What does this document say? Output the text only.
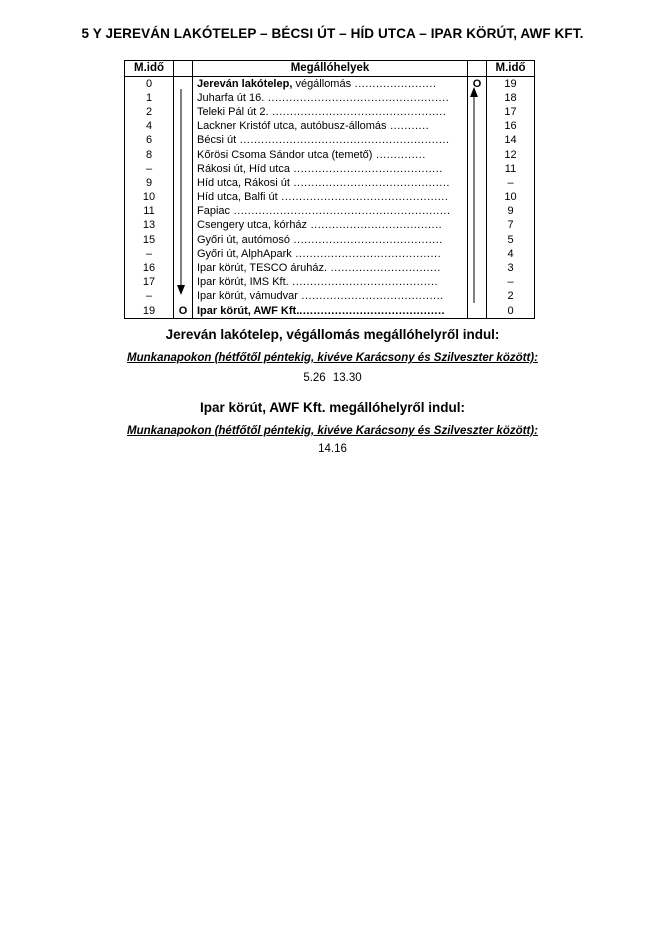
5 Y JEREVÁN LAKÓTELEP – BÉCSI ÚT – HÍD UTCA – IPAR KÖRÚT, AWF KFT.
M.idő		Megállóhelyek		M.idő
0		Jereván lakótelep, végállomás .......................	O	19
1		Juharfa út 16. ...................................................		18
2		Teleki Pál út 2. .................................................		17
4		Lackner Kristóf utca, autóbusz-állomás ...........		16
6		Bécsi út ...........................................................		14
8		Kőrösi Csoma Sándor utca (temető) ..............		12
–		Rákosi út, Híd utca ..........................................		11
9		Híd utca, Rákosi út ............................................		–
10		Híd utca, Balfi út ...............................................		10
11		Fapiac .............................................................		9
13		Csengery utca, kórház .....................................		7
15		Győri út, autómosó ..........................................		5
–		Győri út, AlphApark .........................................		4
16		Ipar körút, TESCO áruház. ...............................		3
17		Ipar körút, IMS Kft. .........................................		–
–		Ipar körút, vámudvar ........................................		2
19	O	Ipar körút, AWF Kft..........................................		0
Jereván lakótelep, végállomás megállóhelyről indul:
Munkanapokon (hétfőtől péntekig, kivéve Karácsony és Szilveszter között):
5.26 13.30
Ipar körút, AWF Kft. megállóhelyről indul:
Munkanapokon (hétfőtől péntekig, kivéve Karácsony és Szilveszter között):
14.16
